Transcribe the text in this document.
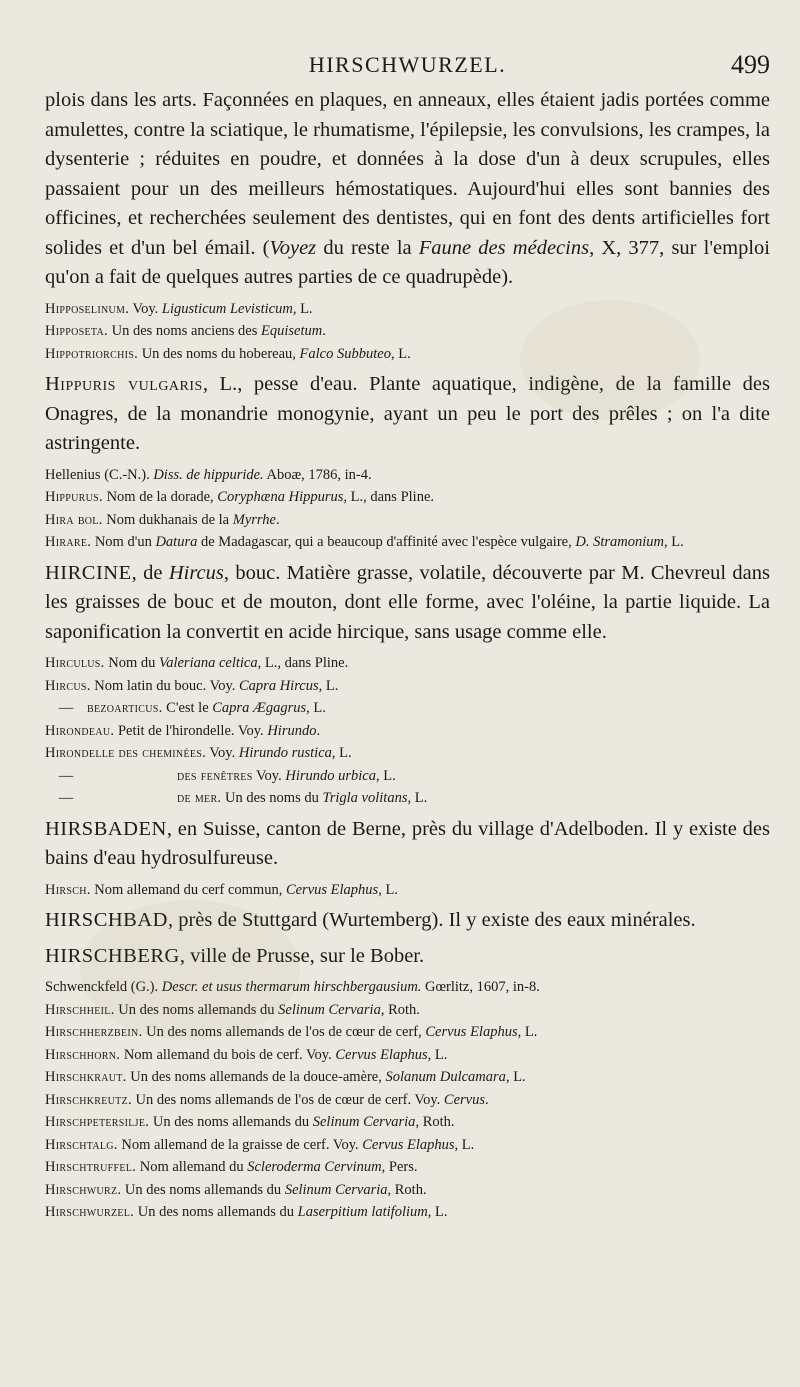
HIRSCHWURZEL.	499

plois dans les arts. Façonnées en plaques, en anneaux, elles étaient jadis portées comme amulettes, contre la sciatique, le rhumatisme, l'épilepsie, les convulsions, les crampes, la dysenterie ; réduites en poudre, et données à la dose d'un à deux scrupules, elles passaient pour un des meilleurs hémostatiques. Aujourd'hui elles sont bannies des officines, et recherchées seulement des dentistes, qui en font des dents artificielles fort solides et d'un bel émail. (Voyez du reste la Faune des médecins, X, 377, sur l'emploi qu'on a fait de quelques autres parties de ce quadrupède).

Hipposelinum. Voy. Ligusticum Levisticum, L.

Hipposeta. Un des noms anciens des Equisetum.

Hippotriorchis. Un des noms du hobereau, Falco Subbuteo, L.

Hippuris vulgaris, L., pesse d'eau. Plante aquatique, indigène, de la famille des Onagres, de la monandrie monogynie, ayant un peu le port des prêles ; on l'a dite astringente.

Hellenius (C.-N.). Diss. de hippuride. Aboæ, 1786, in-4.

Hippurus. Nom de la dorade, Coryphæna Hippurus, L., dans Pline.

Hira bol. Nom dukhanais de la Myrrhe.

Hirare. Nom d'un Datura de Madagascar, qui a beaucoup d'affinité avec l'espèce vulgaire, D. Stramonium, L.

HIRCINE, de Hircus, bouc. Matière grasse, volatile, découverte par M. Chevreul dans les graisses de bouc et de mouton, dont elle forme, avec l'oléine, la partie liquide. La saponification la convertit en acide hircique, sans usage comme elle.

Hirculus. Nom du Valeriana celtica, L., dans Pline.

Hircus. Nom latin du bouc. Voy. Capra Hircus, L.

— bezoarticus. C'est le Capra Ægagrus, L.

Hirondeau. Petit de l'hirondelle. Voy. Hirundo.

Hirondelle des cheminées. Voy. Hirundo rustica, L.

—	des fenêtres Voy. Hirundo urbica, L.

—	de mer. Un des noms du Trigla volitans, L.

HIRSBADEN, en Suisse, canton de Berne, près du village d'Adelboden. Il y existe des bains d'eau hydrosulfureuse.

Hirsch. Nom allemand du cerf commun, Cervus Elaphus, L.

HIRSCHBAD, près de Stuttgard (Wurtemberg). Il y existe des eaux minérales.

HIRSCHBERG, ville de Prusse, sur le Bober.

Schwenckfeld (G.). Descr. et usus thermarum hirschbergausium. Gœrlitz, 1607, in-8.

Hirschheil. Un des noms allemands du Selinum Cervaria, Roth.

Hirschherzbein. Un des noms allemands de l'os de cœur de cerf, Cervus Elaphus, L.

Hirschhorn. Nom allemand du bois de cerf. Voy. Cervus Elaphus, L.

Hirschkraut. Un des noms allemands de la douce-amère, Solanum Dulcamara, L.

Hirschkreutz. Un des noms allemands de l'os de cœur de cerf. Voy. Cervus.

Hirschpetersilje. Un des noms allemands du Selinum Cervaria, Roth.

Hirschtalg. Nom allemand de la graisse de cerf. Voy. Cervus Elaphus, L.

Hirschtruffel. Nom allemand du Scleroderma Cervinum, Pers.

Hirschwurz. Un des noms allemands du Selinum Cervaria, Roth.

Hirschwurzel. Un des noms allemands du Laserpitium latifolium, L.
